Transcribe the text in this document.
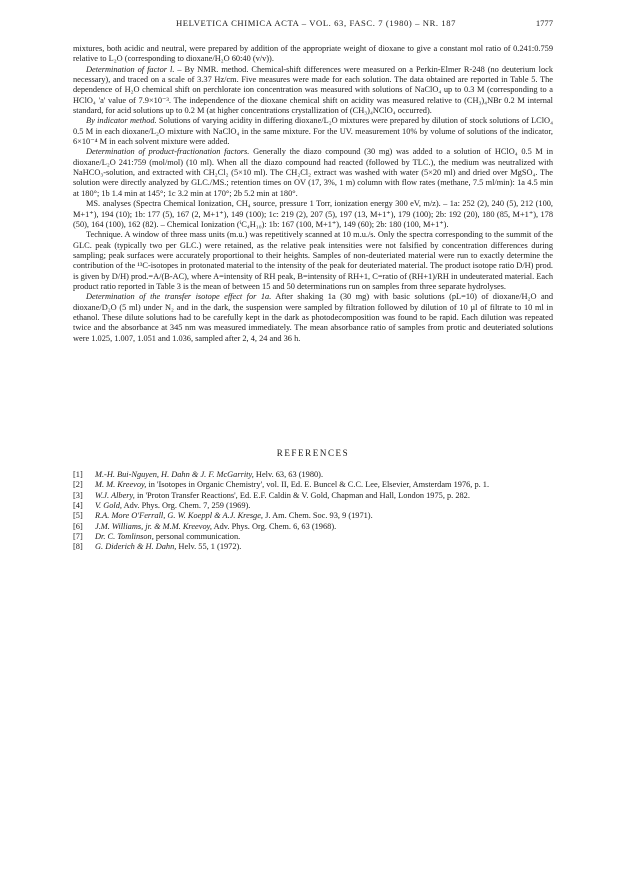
HELVETICA CHIMICA ACTA – VOL. 63, FASC. 7 (1980) – NR. 187	1777

mixtures, both acidic and neutral, were prepared by addition of the appropriate weight of dioxane to give a constant mol ratio of 0.241:0.759 relative to L₂O (corresponding to dioxane/H₂O 60:40 (v/v)).

Determination of factor l. – By NMR. method. Chemical-shift differences were measured on a Perkin-Elmer R-248 (no deuterium lock necessary), and traced on a scale of 3.37 Hz/cm. Five measures were made for each solution. The data obtained are reported in Table 5. The dependence of H₂O chemical shift on perchlorate ion concentration was measured with solutions of NaClO₄ up to 0.3 M (corresponding to a HClO₄ 'a' value of 7.9×10⁻³. The independence of the dioxane chemical shift on acidity was measured relative to (CH₃)₄NBr 0.2 M internal standard, for acid solutions up to 0.2 M (at higher concentrations crystallization of (CH₃)₄NClO₄ occurred).

By indicator method. Solutions of varying acidity in differing dioxane/L₂O mixtures were prepared by dilution of stock solutions of LClO₄ 0.5 M in each dioxane/L₂O mixture with NaClO₄ in the same mixture. For the UV. measurement 10% by volume of solutions of the indicator, 6×10⁻⁴ M in each solvent mixture were added.

Determination of product-fractionation factors. Generally the diazo compound (30 mg) was added to a solution of HClO₄ 0.5 M in dioxane/L₂O 241:759 (mol/mol) (10 ml). When all the diazo compound had reacted (followed by TLC.), the medium was neutralized with NaHCO₃-solution, and extracted with CH₂Cl₂ (5×10 ml). The CH₂Cl₂ extract was washed with water (5×20 ml) and dried over MgSO₄. The solution were directly analyzed by GLC./MS.; retention times on OV (17, 3%, 1 m) column with flow rates (methane, 7.5 ml/min): 1a 4.5 min at 180°; 1b 1.4 min at 145°; 1c 3.2 min at 170°; 2b 5.2 min at 180°.

MS. analyses (Spectra Chemical Ionization, CH₄ source, pressure 1 Torr, ionization energy 300 eV, m/z). – 1a: 252 (2), 240 (5), 212 (100, M+1⁺), 194 (10); 1b: 177 (5), 167 (2, M+1⁺), 149 (100); 1c: 219 (2), 207 (5), 197 (13, M+1⁺), 179 (100); 2b: 192 (20), 180 (85, M+1⁺), 178 (50), 164 (100), 162 (82). – Chemical Ionization (ⁱC₄H₁₀): 1b: 167 (100, M+1⁺), 149 (60); 2b: 180 (100, M+1⁺).

Technique. A window of three mass units (m.u.) was repetitively scanned at 10 m.u./s. Only the spectra corresponding to the summit of the GLC. peak (typically two per GLC.) were retained, as the relative peak intensities were not falsified by concentration differences during sampling; peak surfaces were accurately proportional to their heights. Samples of non-deuteriated material were run to exactly determine the contribution of the ¹³C-isotopes in protonated material to the intensity of the peak for deuteriated material. The product isotope ratio D/H) prod. is given by D/H) prod.=A/(B-AC), where A=intensity of RH peak, B=intensity of RH+1, C=ratio of (RH+1)/RH in undeuterated material. Each product ratio reported in Table 3 is the mean of between 15 and 50 determinations run on samples from three separate hydrolyses.

Determination of the transfer isotope effect for 1a. After shaking 1a (30 mg) with basic solutions (pL=10) of dioxane/H₂O and dioxane/D₂O (5 ml) under N₂ and in the dark, the suspension were sampled by filtration followed by dilution of 10 µl of filtrate to 10 ml in ethanol. These dilute solutions had to be carefully kept in the dark as photodecomposition was found to be rapid. Each dilution was repeated twice and the absorbance at 345 nm was measured immediately. The mean absorbance ratio of samples from protic and deuteriated solutions were 1.025, 1.007, 1.051 and 1.036, sampled after 2, 4, 24 and 36 h.

REFERENCES
[1]	M.-H. Bui-Nguyen, H. Dahn & J. F. McGarrity, Helv. 63, 63 (1980).
[2]	M. M. Kreevoy, in 'Isotopes in Organic Chemistry', vol. II, Ed. E. Buncel & C.C. Lee, Elsevier, Amsterdam 1976, p. 1.
[3]	W.J. Albery, in 'Proton Transfer Reactions', Ed. E.F. Caldin & V. Gold, Chapman and Hall, London 1975, p. 282.
[4]	V. Gold, Adv. Phys. Org. Chem. 7, 259 (1969).
[5]	R.A. More O'Ferrall, G. W. Koeppl & A.J. Kresge, J. Am. Chem. Soc. 93, 9 (1971).
[6]	J.M. Williams, jr. & M.M. Kreevoy, Adv. Phys. Org. Chem. 6, 63 (1968).
[7]	Dr. C. Tomlinson, personal communication.
[8]	G. Diderich & H. Dahn, Helv. 55, 1 (1972).
